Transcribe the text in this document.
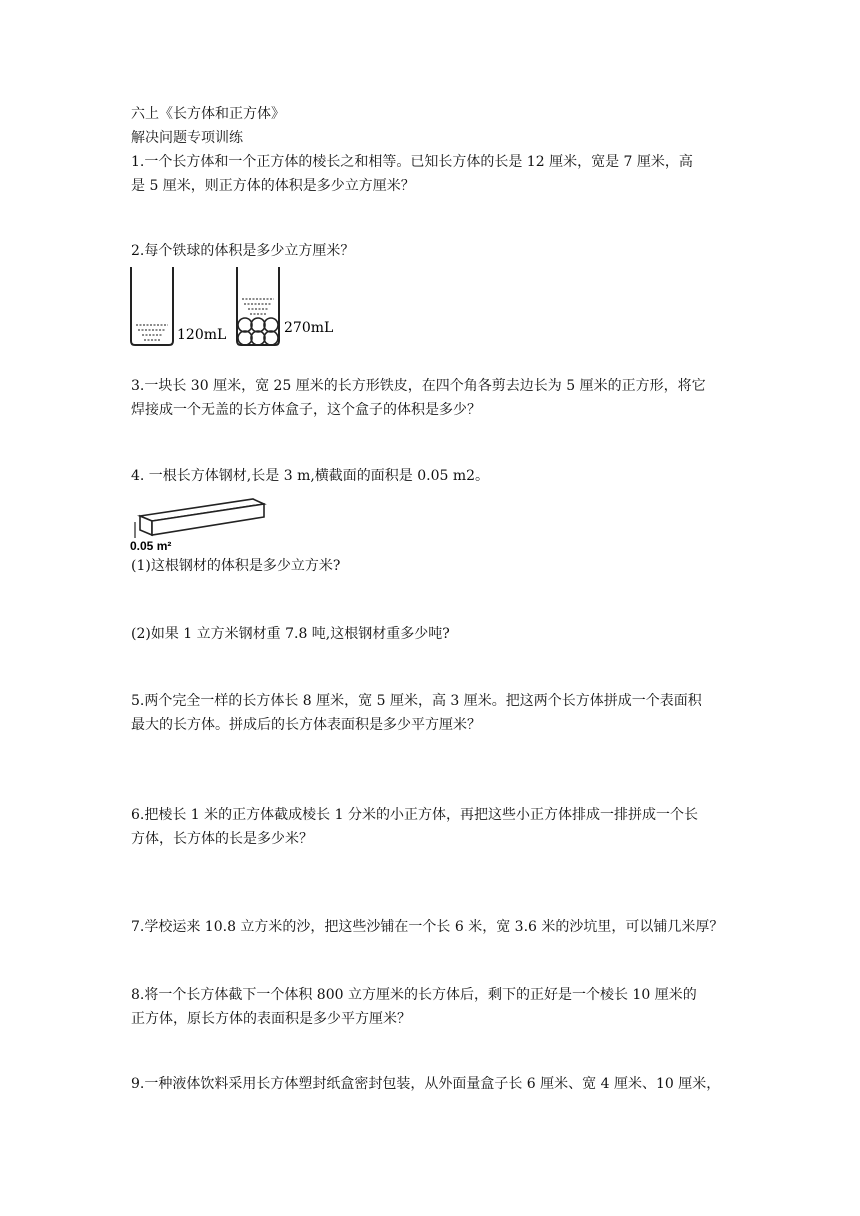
六上《长方体和正方体》
解决问题专项训练
1.一个长方体和一个正方体的棱长之和相等。已知长方体的长是 12 厘米，宽是 7 厘米，高
是 5 厘米，则正方体的体积是多少立方厘米？
2.每个铁球的体积是多少立方厘米？
120mL	270mL
3.一块长 30 厘米，宽 25 厘米的长方形铁皮，在四个角各剪去边长为 5 厘米的正方形，将它
焊接成一个无盖的长方体盒子，这个盒子的体积是多少？
4. 一根长方体钢材,长是 3 m,横截面的面积是 0.05 m2。
0.05 m²
(1)这根钢材的体积是多少立方米?
(2)如果 1 立方米钢材重 7.8 吨,这根钢材重多少吨?
5.两个完全一样的长方体长 8 厘米，宽 5 厘米，高 3 厘米。把这两个长方体拼成一个表面积
最大的长方体。拼成后的长方体表面积是多少平方厘米？
6.把棱长 1 米的正方体截成棱长 1 分米的小正方体，再把这些小正方体排成一排拼成一个长
方体，长方体的长是多少米？
7.学校运来 10.8 立方米的沙，把这些沙铺在一个长 6 米，宽 3.6 米的沙坑里，可以铺几米厚？
8.将一个长方体截下一个体积 800 立方厘米的长方体后，剩下的正好是一个棱长 10 厘米的
正方体，原长方体的表面积是多少平方厘米？
9.一种液体饮料采用长方体塑封纸盒密封包装，从外面量盒子长 6 厘米、宽 4 厘米、10 厘米，
